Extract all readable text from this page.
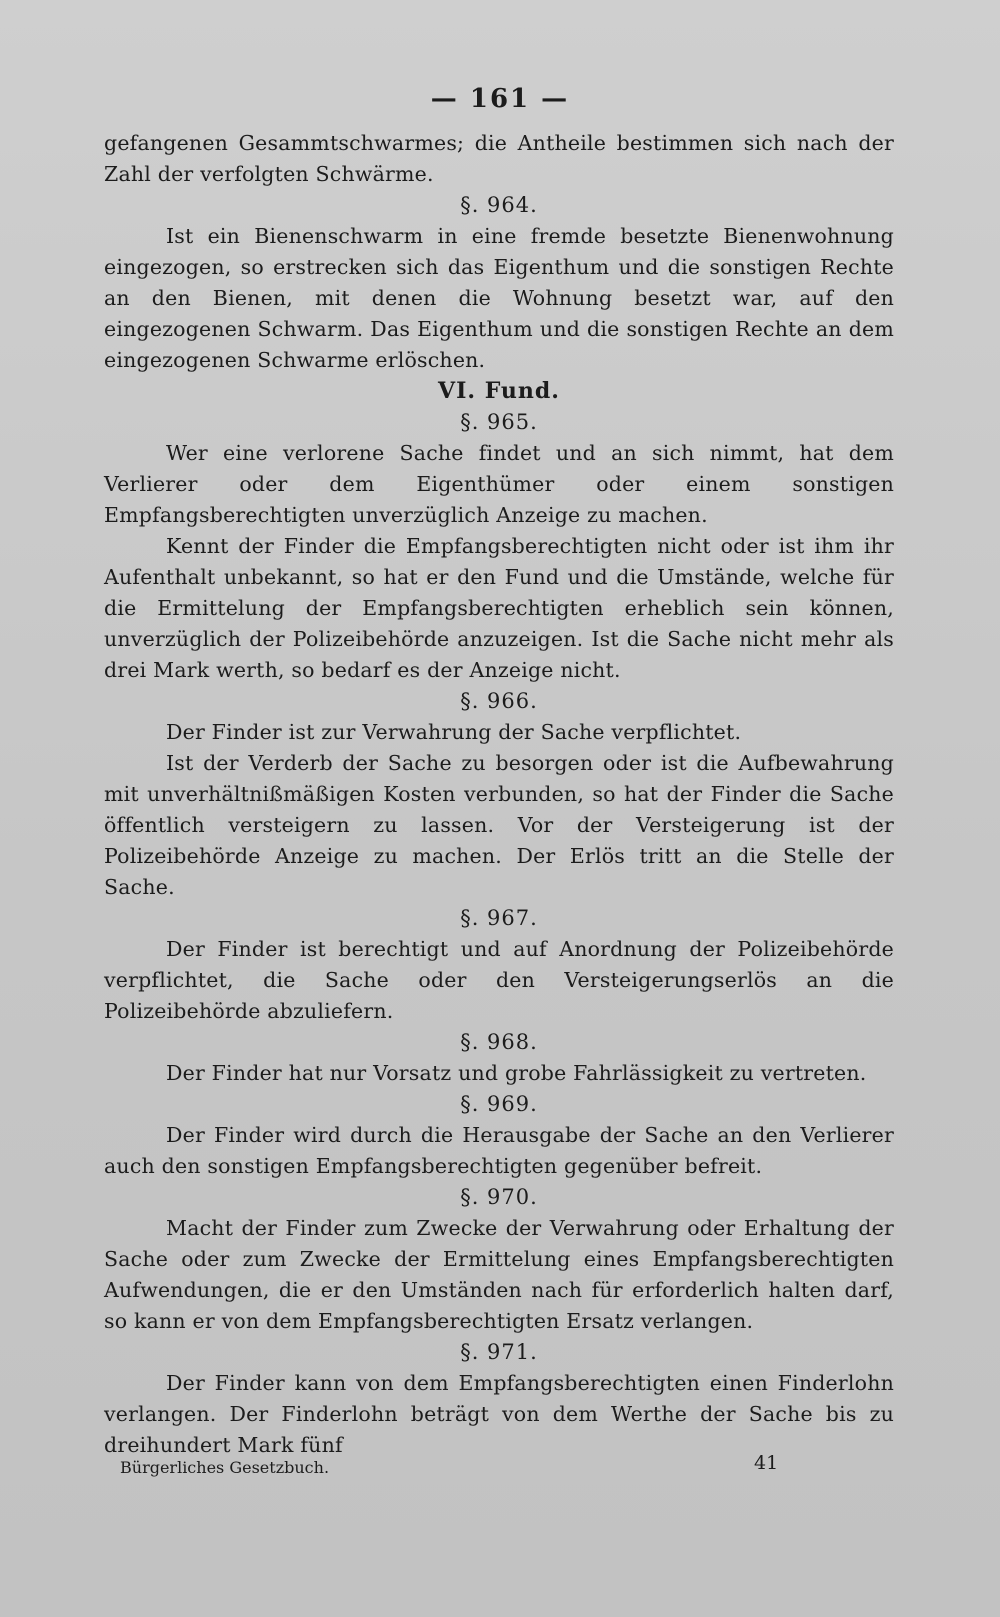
— 161 —

gefangenen Gesammtschwarmes; die Antheile bestimmen sich nach der Zahl der verfolgten Schwärme.

§. 964.

Ist ein Bienenschwarm in eine fremde besetzte Bienenwohnung eingezogen, so erstrecken sich das Eigenthum und die sonstigen Rechte an den Bienen, mit denen die Wohnung besetzt war, auf den eingezogenen Schwarm. Das Eigenthum und die sonstigen Rechte an dem eingezogenen Schwarme erlöschen.

VI. Fund.

§. 965.

Wer eine verlorene Sache findet und an sich nimmt, hat dem Verlierer oder dem Eigenthümer oder einem sonstigen Empfangsberechtigten unverzüglich Anzeige zu machen.

Kennt der Finder die Empfangsberechtigten nicht oder ist ihm ihr Aufenthalt unbekannt, so hat er den Fund und die Umstände, welche für die Ermittelung der Empfangsberechtigten erheblich sein können, unverzüglich der Polizeibehörde anzuzeigen. Ist die Sache nicht mehr als drei Mark werth, so bedarf es der Anzeige nicht.

§. 966.

Der Finder ist zur Verwahrung der Sache verpflichtet.

Ist der Verderb der Sache zu besorgen oder ist die Aufbewahrung mit unverhältnißmäßigen Kosten verbunden, so hat der Finder die Sache öffentlich versteigern zu lassen. Vor der Versteigerung ist der Polizeibehörde Anzeige zu machen. Der Erlös tritt an die Stelle der Sache.

§. 967.

Der Finder ist berechtigt und auf Anordnung der Polizeibehörde verpflichtet, die Sache oder den Versteigerungserlös an die Polizeibehörde abzuliefern.

§. 968.

Der Finder hat nur Vorsatz und grobe Fahrlässigkeit zu vertreten.

§. 969.

Der Finder wird durch die Herausgabe der Sache an den Verlierer auch den sonstigen Empfangsberechtigten gegenüber befreit.

§. 970.

Macht der Finder zum Zwecke der Verwahrung oder Erhaltung der Sache oder zum Zwecke der Ermittelung eines Empfangsberechtigten Aufwendungen, die er den Umständen nach für erforderlich halten darf, so kann er von dem Empfangsberechtigten Ersatz verlangen.

§. 971.

Der Finder kann von dem Empfangsberechtigten einen Finderlohn verlangen. Der Finderlohn beträgt von dem Werthe der Sache bis zu dreihundert Mark fünf

Bürgerliches Gesetzbuch.	41
